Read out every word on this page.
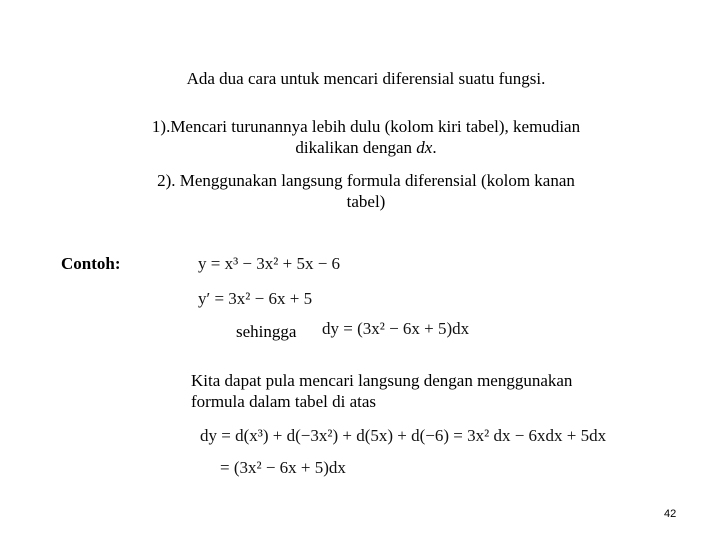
Ada dua cara untuk mencari diferensial suatu fungsi.
1).Mencari turunannya lebih dulu (kolom kiri tabel), kemudian
dikalikan dengan dx.
2). Menggunakan langsung formula diferensial (kolom kanan
tabel)
Contoh:	y = x³ − 3x² + 5x − 6
y′ = 3x² − 6x + 5
sehingga dy = (3x² − 6x + 5)dx
Kita dapat pula mencari langsung dengan menggunakan
formula dalam tabel di atas
dy = d(x³) + d(−3x²) + d(5x) + d(−6) = 3x² dx − 6xdx + 5dx
= (3x² − 6x + 5)dx
42
